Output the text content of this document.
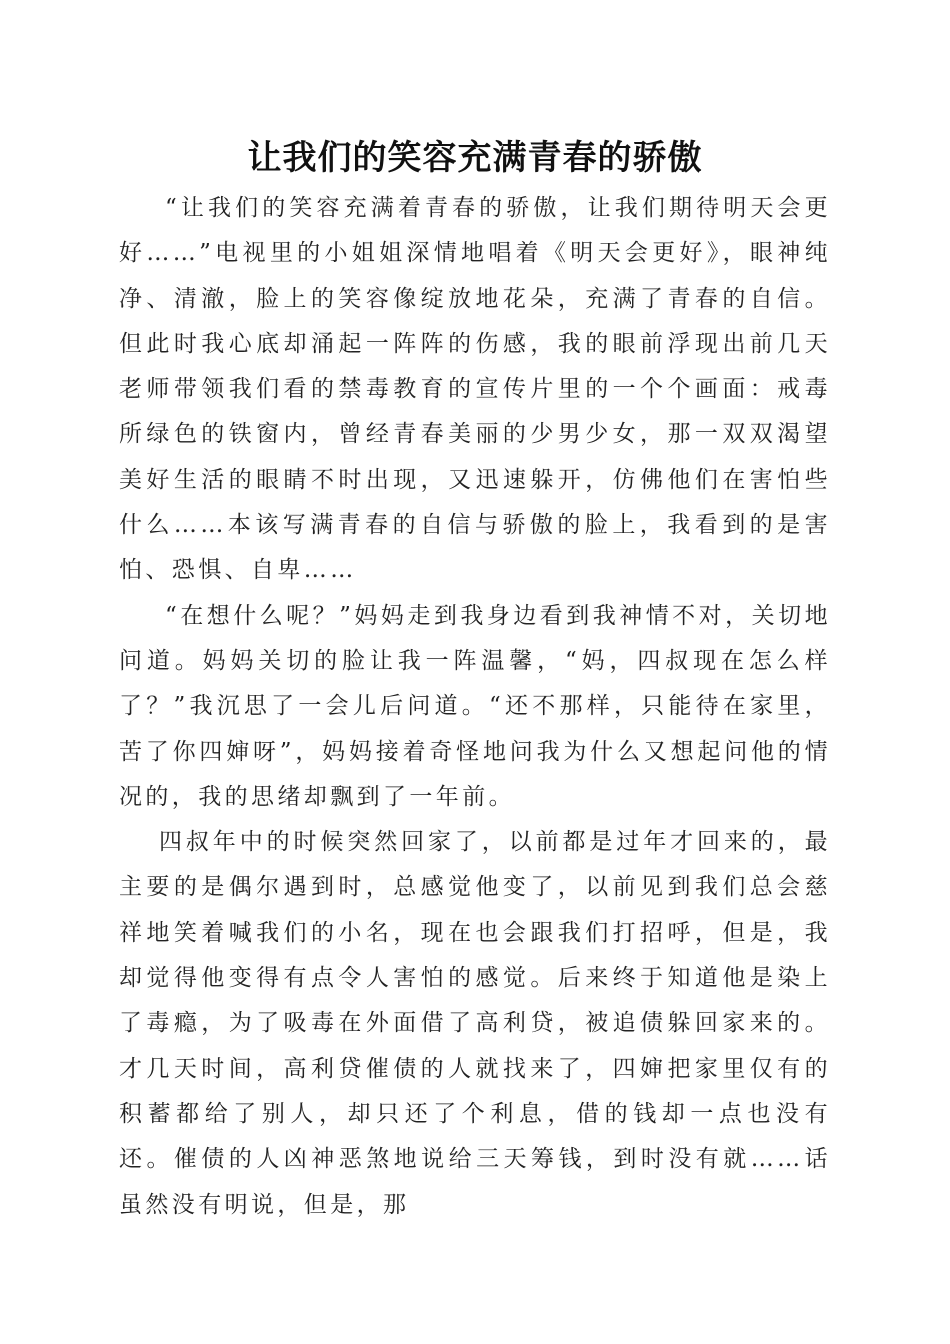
让我们的笑容充满青春的骄傲

“让我们的笑容充满着青春的骄傲，让我们期待明天会更好……”电视里的小姐姐深情地唱着《明天会更好》，眼神纯净、清澈，脸上的笑容像绽放地花朵，充满了青春的自信。但此时我心底却涌起一阵阵的伤感，我的眼前浮现出前几天老师带领我们看的禁毒教育的宣传片里的一个个画面：戒毒所绿色的铁窗内，曾经青春美丽的少男少女，那一双双渴望美好生活的眼睛不时出现，又迅速躲开，仿佛他们在害怕些什么……本该写满青春的自信与骄傲的脸上，我看到的是害怕、恐惧、自卑……

“在想什么呢？”妈妈走到我身边看到我神情不对，关切地问道。妈妈关切的脸让我一阵温馨，“妈，四叔现在怎么样了？”我沉思了一会儿后问道。“还不那样，只能待在家里，苦了你四婶呀”，妈妈接着奇怪地问我为什么又想起问他的情况的，我的思绪却飘到了一年前。

四叔年中的时候突然回家了，以前都是过年才回来的，最主要的是偶尔遇到时，总感觉他变了，以前见到我们总会慈祥地笑着喊我们的小名，现在也会跟我们打招呼，但是，我却觉得他变得有点令人害怕的感觉。后来终于知道他是染上了毒瘾，为了吸毒在外面借了高利贷，被追债躲回家来的。才几天时间，高利贷催债的人就找来了，四婶把家里仅有的积蓄都给了别人，却只还了个利息，借的钱却一点也没有还。催债的人凶神恶煞地说给三天筹钱，到时没有就……话虽然没有明说，但是，那
